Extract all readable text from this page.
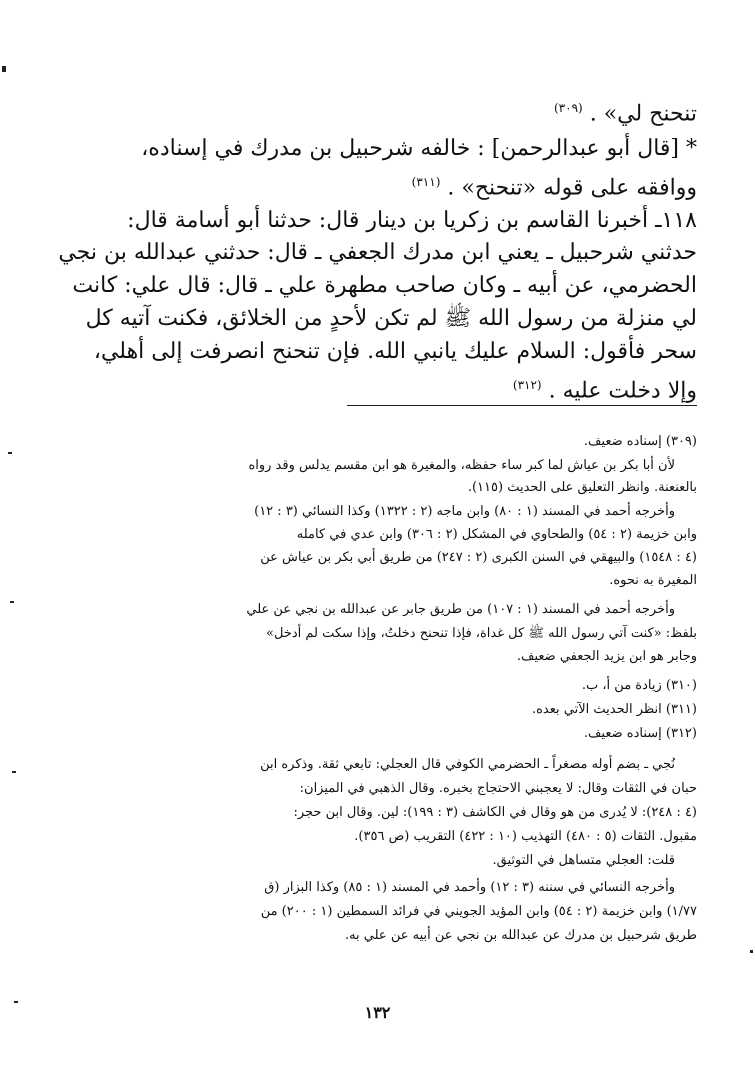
تنحنح لي» . $^{(٣٠٩)}$
* [قال أبو عبدالرحمن] : خالفه شرحبيل بن مدرك في إسناده،
ووافقه على قوله «تنحنح» . $^{(٣١١)}$
١١٨ـ أخبرنا القاسم بن زكريا بن دينار قال: حدثنا أبو أسامة قال:
حدثني شرحبيل ـ يعني ابن مدرك الجعفي ـ قال: حدثني عبدالله بن نجي
الحضرمي، عن أبيه ـ وكان صاحب مطهرة علي ـ قال: قال علي: كانت
لي منزلة من رسول الله ﷺ لم تكن لأحدٍ من الخلائق، فكنت آتيه كل
سحر فأقول: السلام عليك يانبي الله. فإن تنحنح انصرفت إلى أهلي،
وإلا دخلت عليه . $^{(٣١٢)}$
(٣٠٩) إسناده ضعيف.
لأن أبا بكر بن عياش لما كبر ساء حفظه، والمغيرة هو ابن مقسم يدلس وقد رواه
بالعنعنة. وانظر التعليق على الحديث (١١٥).
وأخرجه أحمد في المسند (١ : ٨٠) وابن ماجه (٢ : ١٣٢٢) وكذا النسائي (٣ : ١٢)
وابن خزيمة (٢ : ٥٤) والطحاوي في المشكل (٢ : ٣٠٦) وابن عدي في كامله
(٤ : ١٥٤٨) والبيهقي في السنن الكبرى (٢ : ٢٤٧) من طريق أبي بكر بن عياش عن
المغيرة به نحوه.
وأخرجه أحمد في المسند (١ : ١٠٧) من طريق جابر عن عبدالله بن نجي عن علي
بلفظ: «كنت آتي رسول الله ﷺ كل غداة، فإذا تنحنح دخلتُ، وإذا سكت لم أدخل»
وجابر هو ابن يزيد الجعفي ضعيف.
(٣١٠) زيادة من أ، ب.
(٣١١) انظر الحديث الآتي بعده.
(٣١٢) إسناده ضعيف.
نُجي ـ بضم أوله مصغراً ـ الحضرمي الكوفي قال العجلي: تابعي ثقة. وذكره ابن
حبان في الثقات وقال: لا يعجبني الاحتجاج بخبره. وقال الذهبي في الميزان:
(٤ : ٢٤٨): لا يُدرى من هو وقال في الكاشف (٣ : ١٩٩): لين. وقال ابن حجر:
مقبول. الثقات (٥ : ٤٨٠) التهذيب (١٠ : ٤٢٢) التقريب (ص ٣٥٦).
قلت: العجلي متساهل في التوثيق.
وأخرجه النسائي في سننه (٣ : ١٢) وأحمد في المسند (١ : ٨٥) وكذا البزار (ق
١/٧٧) وابن خزيمة (٢ : ٥٤) وابن المؤيد الجويني في فرائد السمطين (١ : ٢٠٠) من
طريق شرحبيل بن مدرك عن عبدالله بن نجي عن أبيه عن علي به.
١٣٢
